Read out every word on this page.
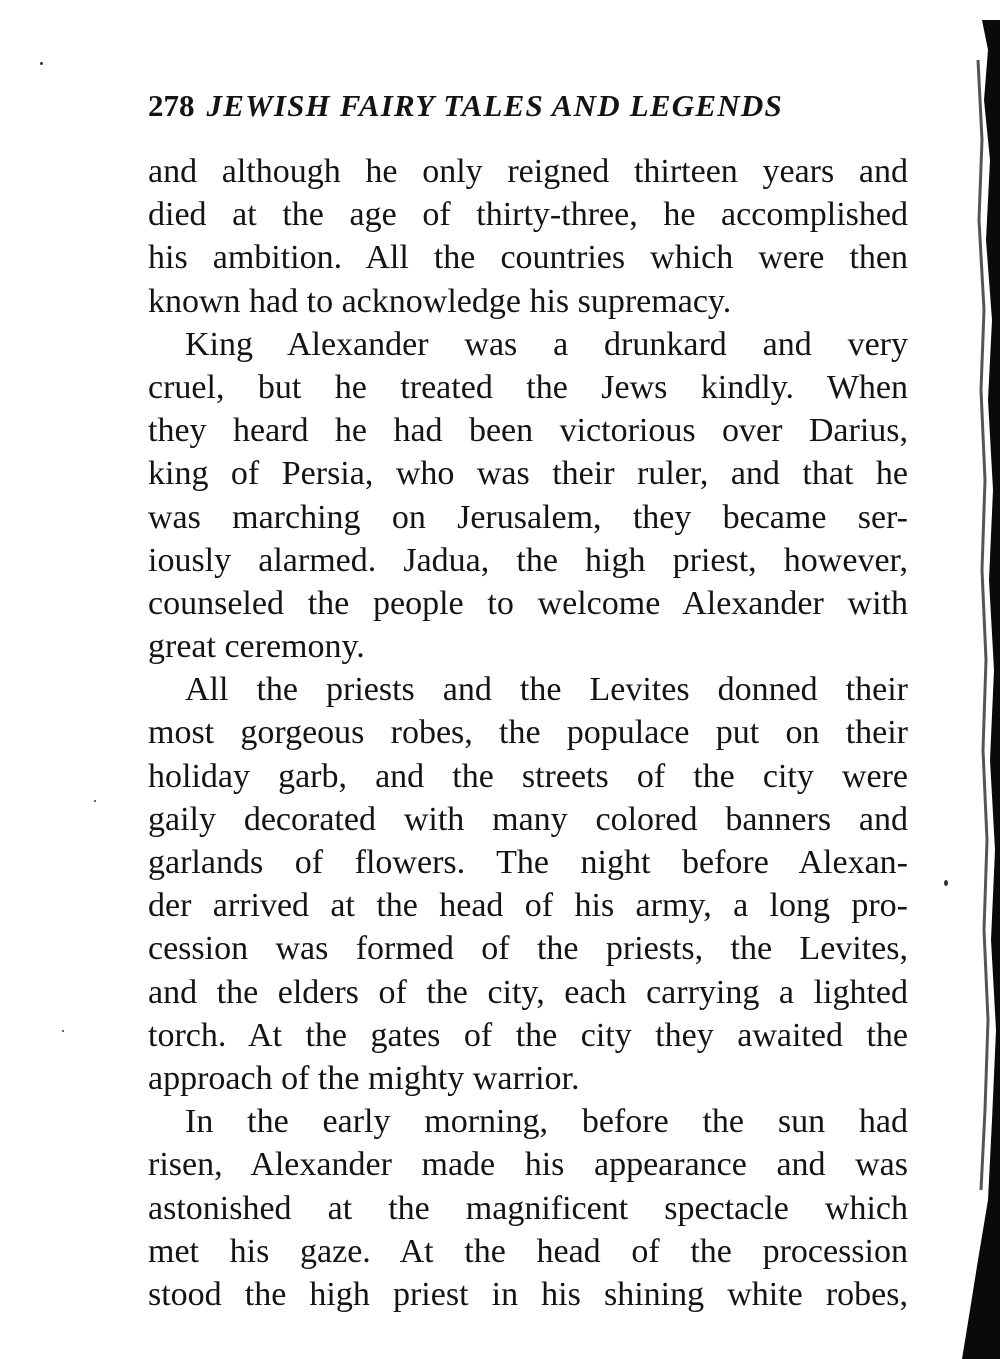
278 JEWISH FAIRY TALES AND LEGENDS
and although he only reigned thirteen years and
died at the age of thirty-three, he accomplished
his ambition. All the countries which were then
known had to acknowledge his supremacy.
King Alexander was a drunkard and very
cruel, but he treated the Jews kindly. When
they heard he had been victorious over Darius,
king of Persia, who was their ruler, and that he
was marching on Jerusalem, they became ser-
iously alarmed. Jadua, the high priest, however,
counseled the people to welcome Alexander with
great ceremony.
All the priests and the Levites donned their
most gorgeous robes, the populace put on their
holiday garb, and the streets of the city were
gaily decorated with many colored banners and
garlands of flowers. The night before Alexan-
der arrived at the head of his army, a long pro-
cession was formed of the priests, the Levites,
and the elders of the city, each carrying a lighted
torch. At the gates of the city they awaited the
approach of the mighty warrior.
In the early morning, before the sun had
risen, Alexander made his appearance and was
astonished at the magnificent spectacle which
met his gaze. At the head of the procession
stood the high priest in his shining white robes,
